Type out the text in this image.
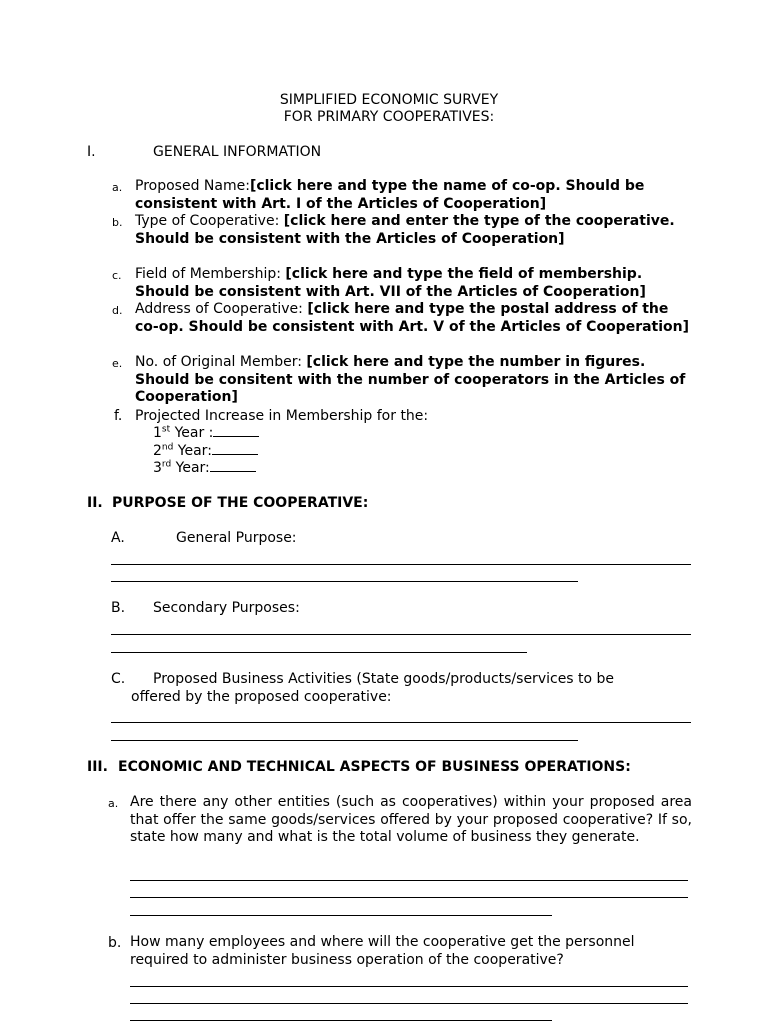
SIMPLIFIED ECONOMIC SURVEY
FOR PRIMARY COOPERATIVES:
I.	GENERAL INFORMATION
a. Proposed Name:[click here and type the name of co-op. Should be consistent with Art. I of the Articles of Cooperation]
b. Type of Cooperative: [click here and enter the type of the cooperative. Should be consistent with the Articles of Cooperation]
c. Field of Membership: [click here and type the field of membership. Should be consistent with Art. VII of the Articles of Cooperation]
d. Address of Cooperative: [click here and type the postal address of the co-op. Should be consistent with Art. V of the Articles of Cooperation]
e. No. of Original Member: [click here and type the number in figures. Should be consitent with the number of cooperators in the Articles of Cooperation]
f. Projected Increase in Membership for the:
1st Year :
2nd Year:
3rd Year:
II. PURPOSE OF THE COOPERATIVE:
A.	General Purpose:
B. Secondary Purposes:
C. Proposed Business Activities (State goods/products/services to be
offered by the proposed cooperative:
III. ECONOMIC AND TECHNICAL ASPECTS OF BUSINESS OPERATIONS:
a. Are there any other entities (such as cooperatives) within your proposed area that offer the same goods/services offered by your proposed cooperative? If so, state how many and what is the total volume of business they generate.
b. How many employees and where will the cooperative get the personnel required to administer business operation of the cooperative?
